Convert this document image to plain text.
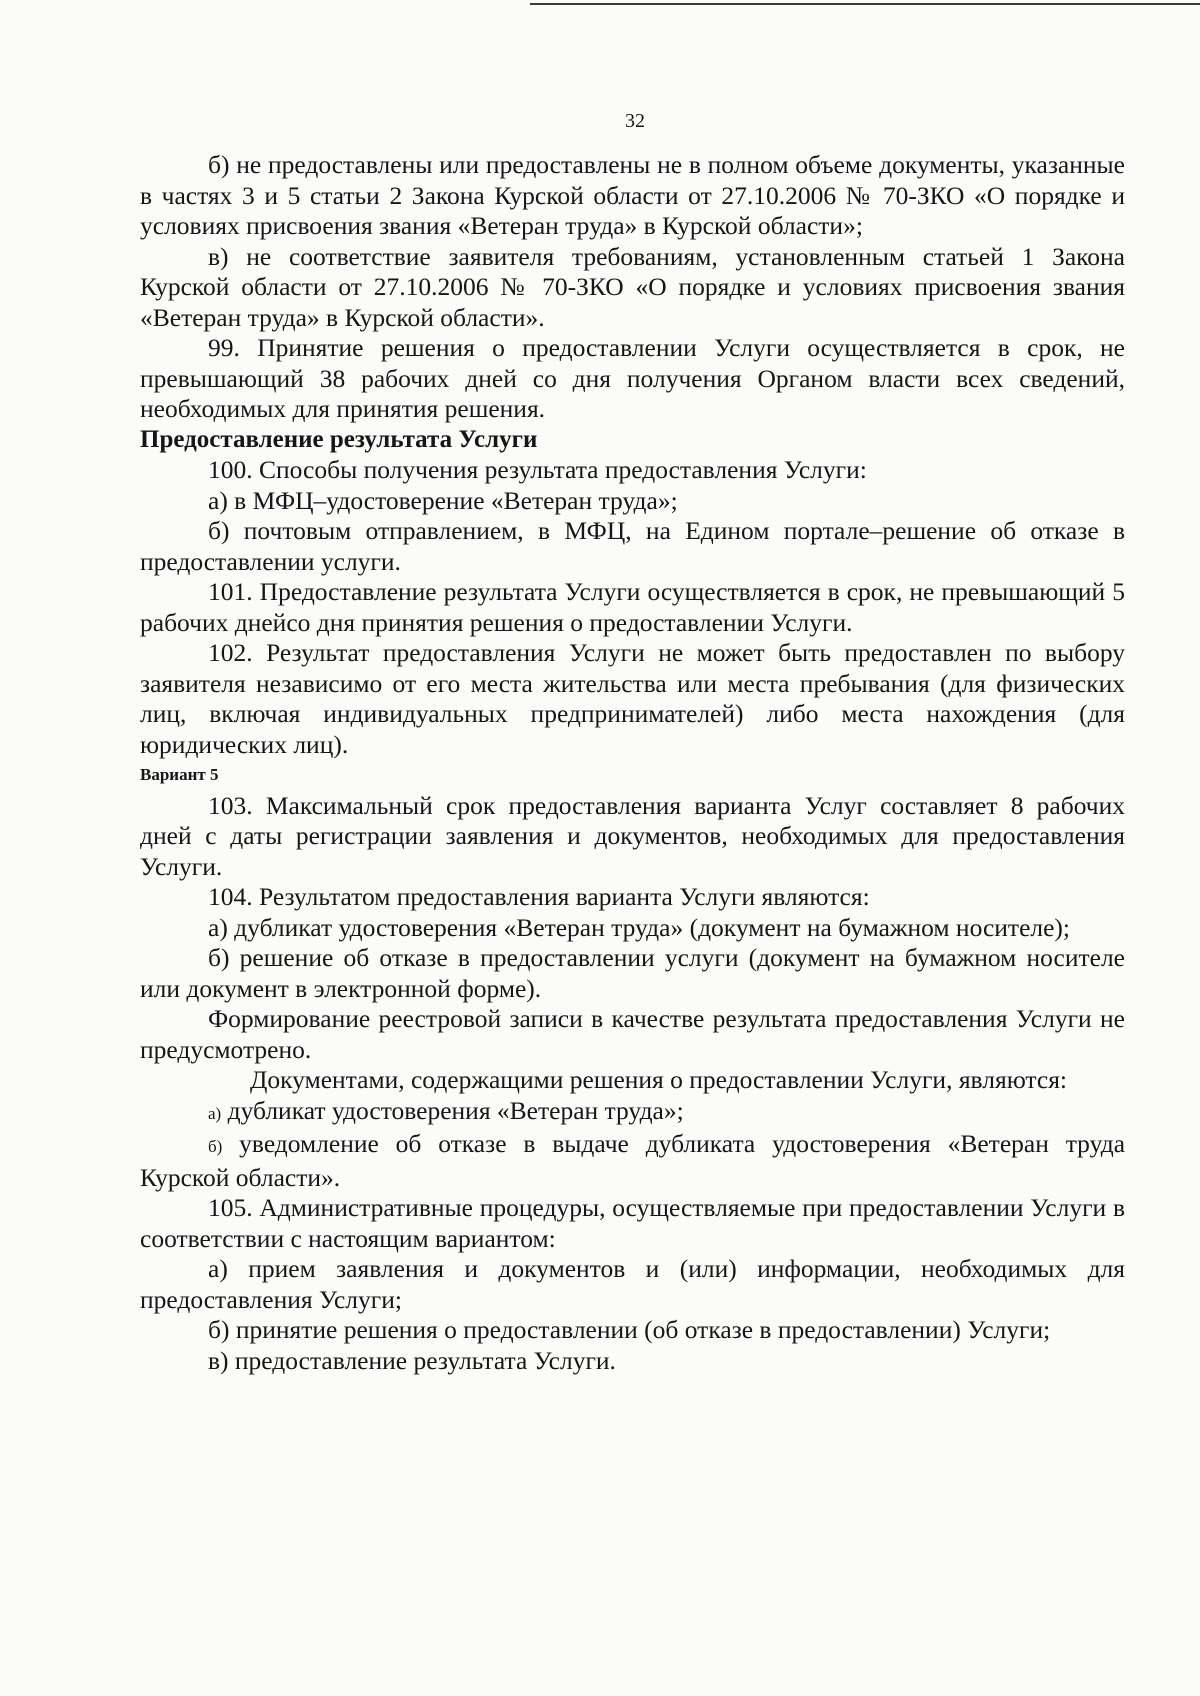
32

б) не предоставлены или предоставлены не в полном объеме документы, указанные в частях 3 и 5 статьи 2 Закона Курской области от 27.10.2006 № 70-ЗКО «О порядке и условиях присвоения звания «Ветеран труда» в Курской области»;

в) не соответствие заявителя требованиям, установленным статьей 1 Закона Курской области от 27.10.2006 № 70-ЗКО «О порядке и условиях присвоения звания «Ветеран труда» в Курской области».

99. Принятие решения о предоставлении Услуги осуществляется в срок, не превышающий 38 рабочих дней со дня получения Органом власти всех сведений, необходимых для принятия решения.

Предоставление результата Услуги

100. Способы получения результата предоставления Услуги:

а) в МФЦ–удостоверение «Ветеран труда»;

б) почтовым отправлением, в МФЦ, на Едином портале–решение об отказе в предоставлении услуги.

101. Предоставление результата Услуги осуществляется в срок, не превышающий 5 рабочих днейсо дня принятия решения о предоставлении Услуги.

102. Результат предоставления Услуги не может быть предоставлен по выбору заявителя независимо от его места жительства или места пребывания (для физических лиц, включая индивидуальных предпринимателей) либо места нахождения (для юридических лиц).

Вариант 5

103. Максимальный срок предоставления варианта Услуг составляет 8 рабочих дней с даты регистрации заявления и документов, необходимых для предоставления Услуги.

104. Результатом предоставления варианта Услуги являются:

а) дубликат удостоверения «Ветеран труда» (документ на бумажном носителе);

б) решение об отказе в предоставлении услуги (документ на бумажном носителе или документ в электронной форме).

Формирование реестровой записи в качестве результата предоставления Услуги не предусмотрено.

Документами, содержащими решения о предоставлении Услуги, являются:

а) дубликат удостоверения «Ветеран труда»;

б) уведомление об отказе в выдаче дубликата удостоверения «Ветеран труда Курской области».

105. Административные процедуры, осуществляемые при предоставлении Услуги в соответствии с настоящим вариантом:

а) прием заявления и документов и (или) информации, необходимых для предоставления Услуги;

б) принятие решения о предоставлении (об отказе в предоставлении) Услуги;

в) предоставление результата Услуги.
